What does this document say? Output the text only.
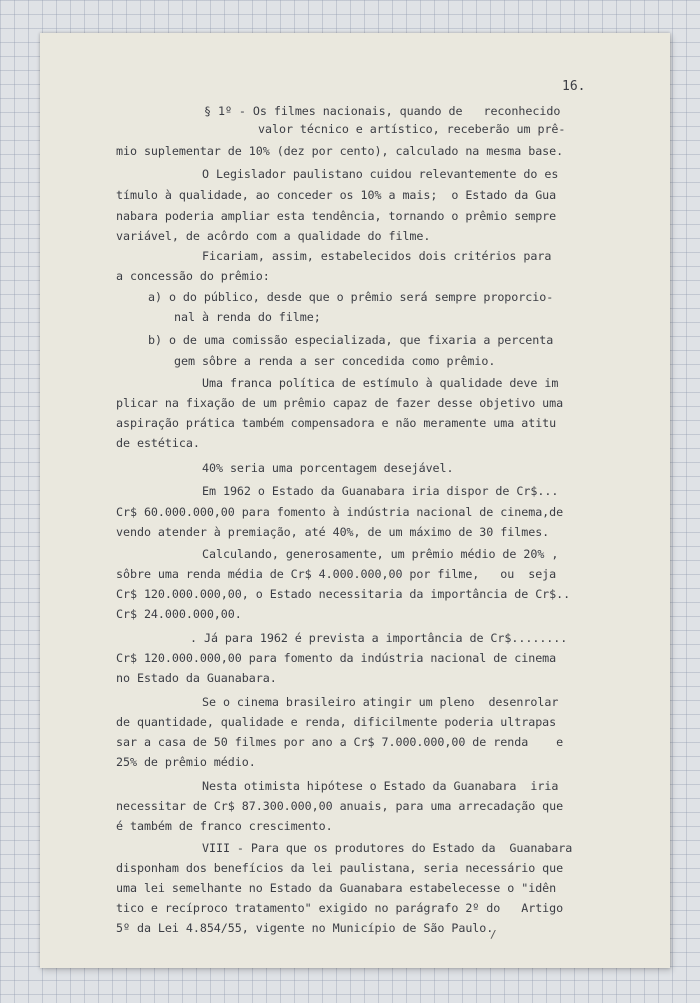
16.
§ 1º - Os filmes nacionais, quando de   reconhecido
valor técnico e artístico, receberão um prê-
mio suplementar de 10% (dez por cento), calculado na mesma base.
O Legislador paulistano cuidou relevantemente do es
tímulo à qualidade, ao conceder os 10% a mais;  o Estado da Gua
nabara poderia ampliar esta tendência, tornando o prêmio sempre
variável, de acôrdo com a qualidade do filme.
Ficariam, assim, estabelecidos dois critérios para
a concessão do prêmio:
a) o do público, desde que o prêmio será sempre proporcio-
nal à renda do filme;
b) o de uma comissão especializada, que fixaria a percenta
gem sôbre a renda a ser concedida como prêmio.
Uma franca política de estímulo à qualidade deve im
plicar na fixação de um prêmio capaz de fazer desse objetivo uma
aspiração prática também compensadora e não meramente uma atitu
de estética.
40% seria uma porcentagem desejável.
Em 1962 o Estado da Guanabara iria dispor de Cr$...
Cr$ 60.000.000,00 para fomento à indústria nacional de cinema,de
vendo atender à premiação, até 40%, de um máximo de 30 filmes.
Calculando, generosamente, um prêmio médio de 20% ,
sôbre uma renda média de Cr$ 4.000.000,00 por filme,   ou  seja
Cr$ 120.000.000,00, o Estado necessitaria da importância de Cr$..
Cr$ 24.000.000,00.
. Já para 1962 é prevista a importância de Cr$........
Cr$ 120.000.000,00 para fomento da indústria nacional de cinema
no Estado da Guanabara.
Se o cinema brasileiro atingir um pleno  desenrolar
de quantidade, qualidade e renda, dificilmente poderia ultrapas
sar a casa de 50 filmes por ano a Cr$ 7.000.000,00 de renda    e
25% de prêmio médio.
Nesta otimista hipótese o Estado da Guanabara  iria
necessitar de Cr$ 87.300.000,00 anuais, para uma arrecadação que
é também de franco crescimento.
VIII - Para que os produtores do Estado da  Guanabara
disponham dos benefícios da lei paulistana, seria necessário que
uma lei semelhante no Estado da Guanabara estabelecesse o "idên
tico e recíproco tratamento" exigido no parágrafo 2º do   Artigo
5º da Lei 4.854/55, vigente no Município de São Paulo.
/
